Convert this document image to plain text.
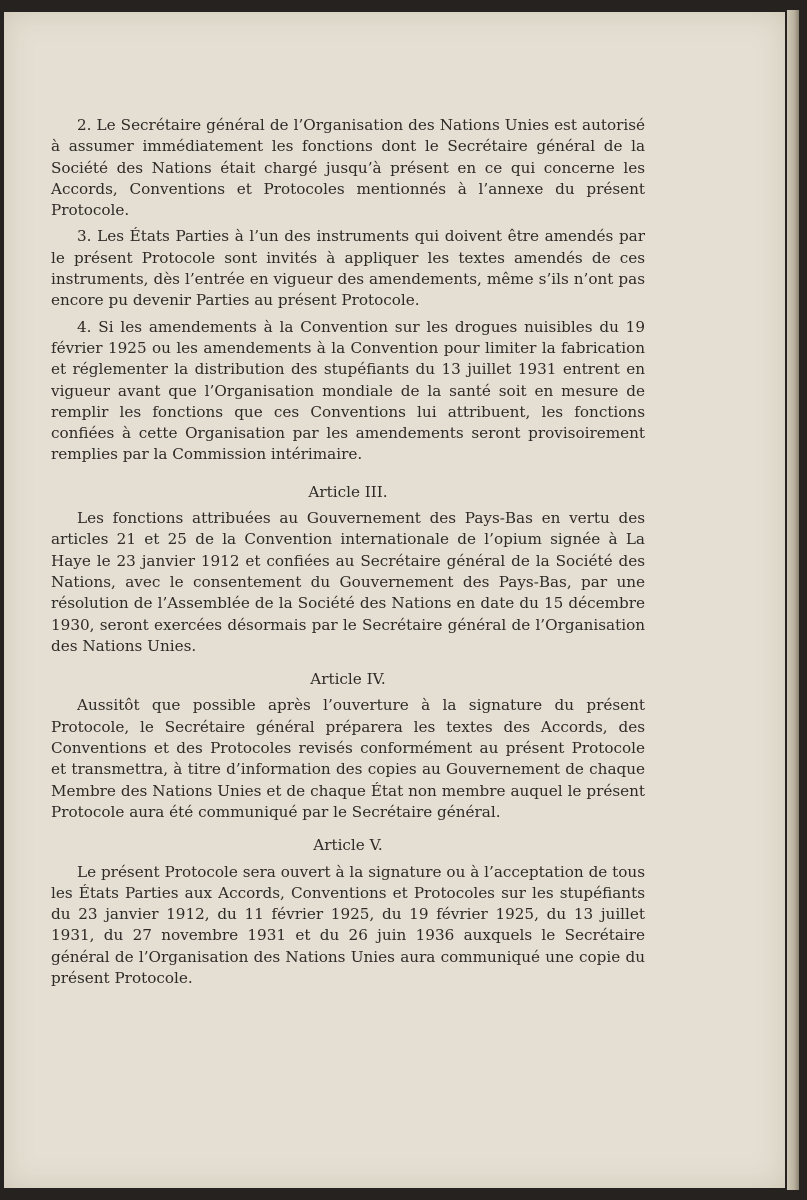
2. Le Secrétaire général de l’Organisation des Nations Unies est autorisé à assumer immédiatement les fonctions dont le Secrétaire général de la Société des Nations était chargé jusqu’à présent en ce qui concerne les Accords, Conventions et Protocoles mentionnés à l’annexe du présent Protocole.

3. Les États Parties à l’un des instruments qui doivent être amendés par le présent Protocole sont invités à appliquer les textes amendés de ces instruments, dès l’entrée en vigueur des amendements, même s’ils n’ont pas encore pu devenir Parties au présent Protocole.

4. Si les amendements à la Convention sur les drogues nuisibles du 19 février 1925 ou les amendements à la Convention pour limiter la fabrication et réglementer la distribution des stupéfiants du 13 juillet 1931 entrent en vigueur avant que l’Organisation mondiale de la santé soit en mesure de remplir les fonctions que ces Conventions lui attribuent, les fonctions confiées à cette Organisation par les amendements seront provisoirement remplies par la Commission intérimaire.

Article III.

Les fonctions attribuées au Gouvernement des Pays-Bas en vertu des articles 21 et 25 de la Convention internationale de l’opium signée à La Haye le 23 janvier 1912 et confiées au Secrétaire général de la Société des Nations, avec le consentement du Gouvernement des Pays-Bas, par une résolution de l’Assemblée de la Société des Nations en date du 15 décembre 1930, seront exercées désormais par le Secrétaire général de l’Organisation des Nations Unies.

Article IV.

Aussitôt que possible après l’ouverture à la signature du présent Protocole, le Secrétaire général préparera les textes des Accords, des Conventions et des Protocoles revisés conformément au présent Protocole et transmettra, à titre d’information des copies au Gouvernement de chaque Membre des Nations Unies et de chaque État non membre auquel le présent Protocole aura été communiqué par le Secrétaire général.

Article V.

Le présent Protocole sera ouvert à la signature ou à l’acceptation de tous les États Parties aux Accords, Conventions et Protocoles sur les stupéfiants du 23 janvier 1912, du 11 février 1925, du 19 février 1925, du 13 juillet 1931, du 27 novembre 1931 et du 26 juin 1936 auxquels le Secrétaire général de l’Organisation des Nations Unies aura communiqué une copie du présent Protocole.
